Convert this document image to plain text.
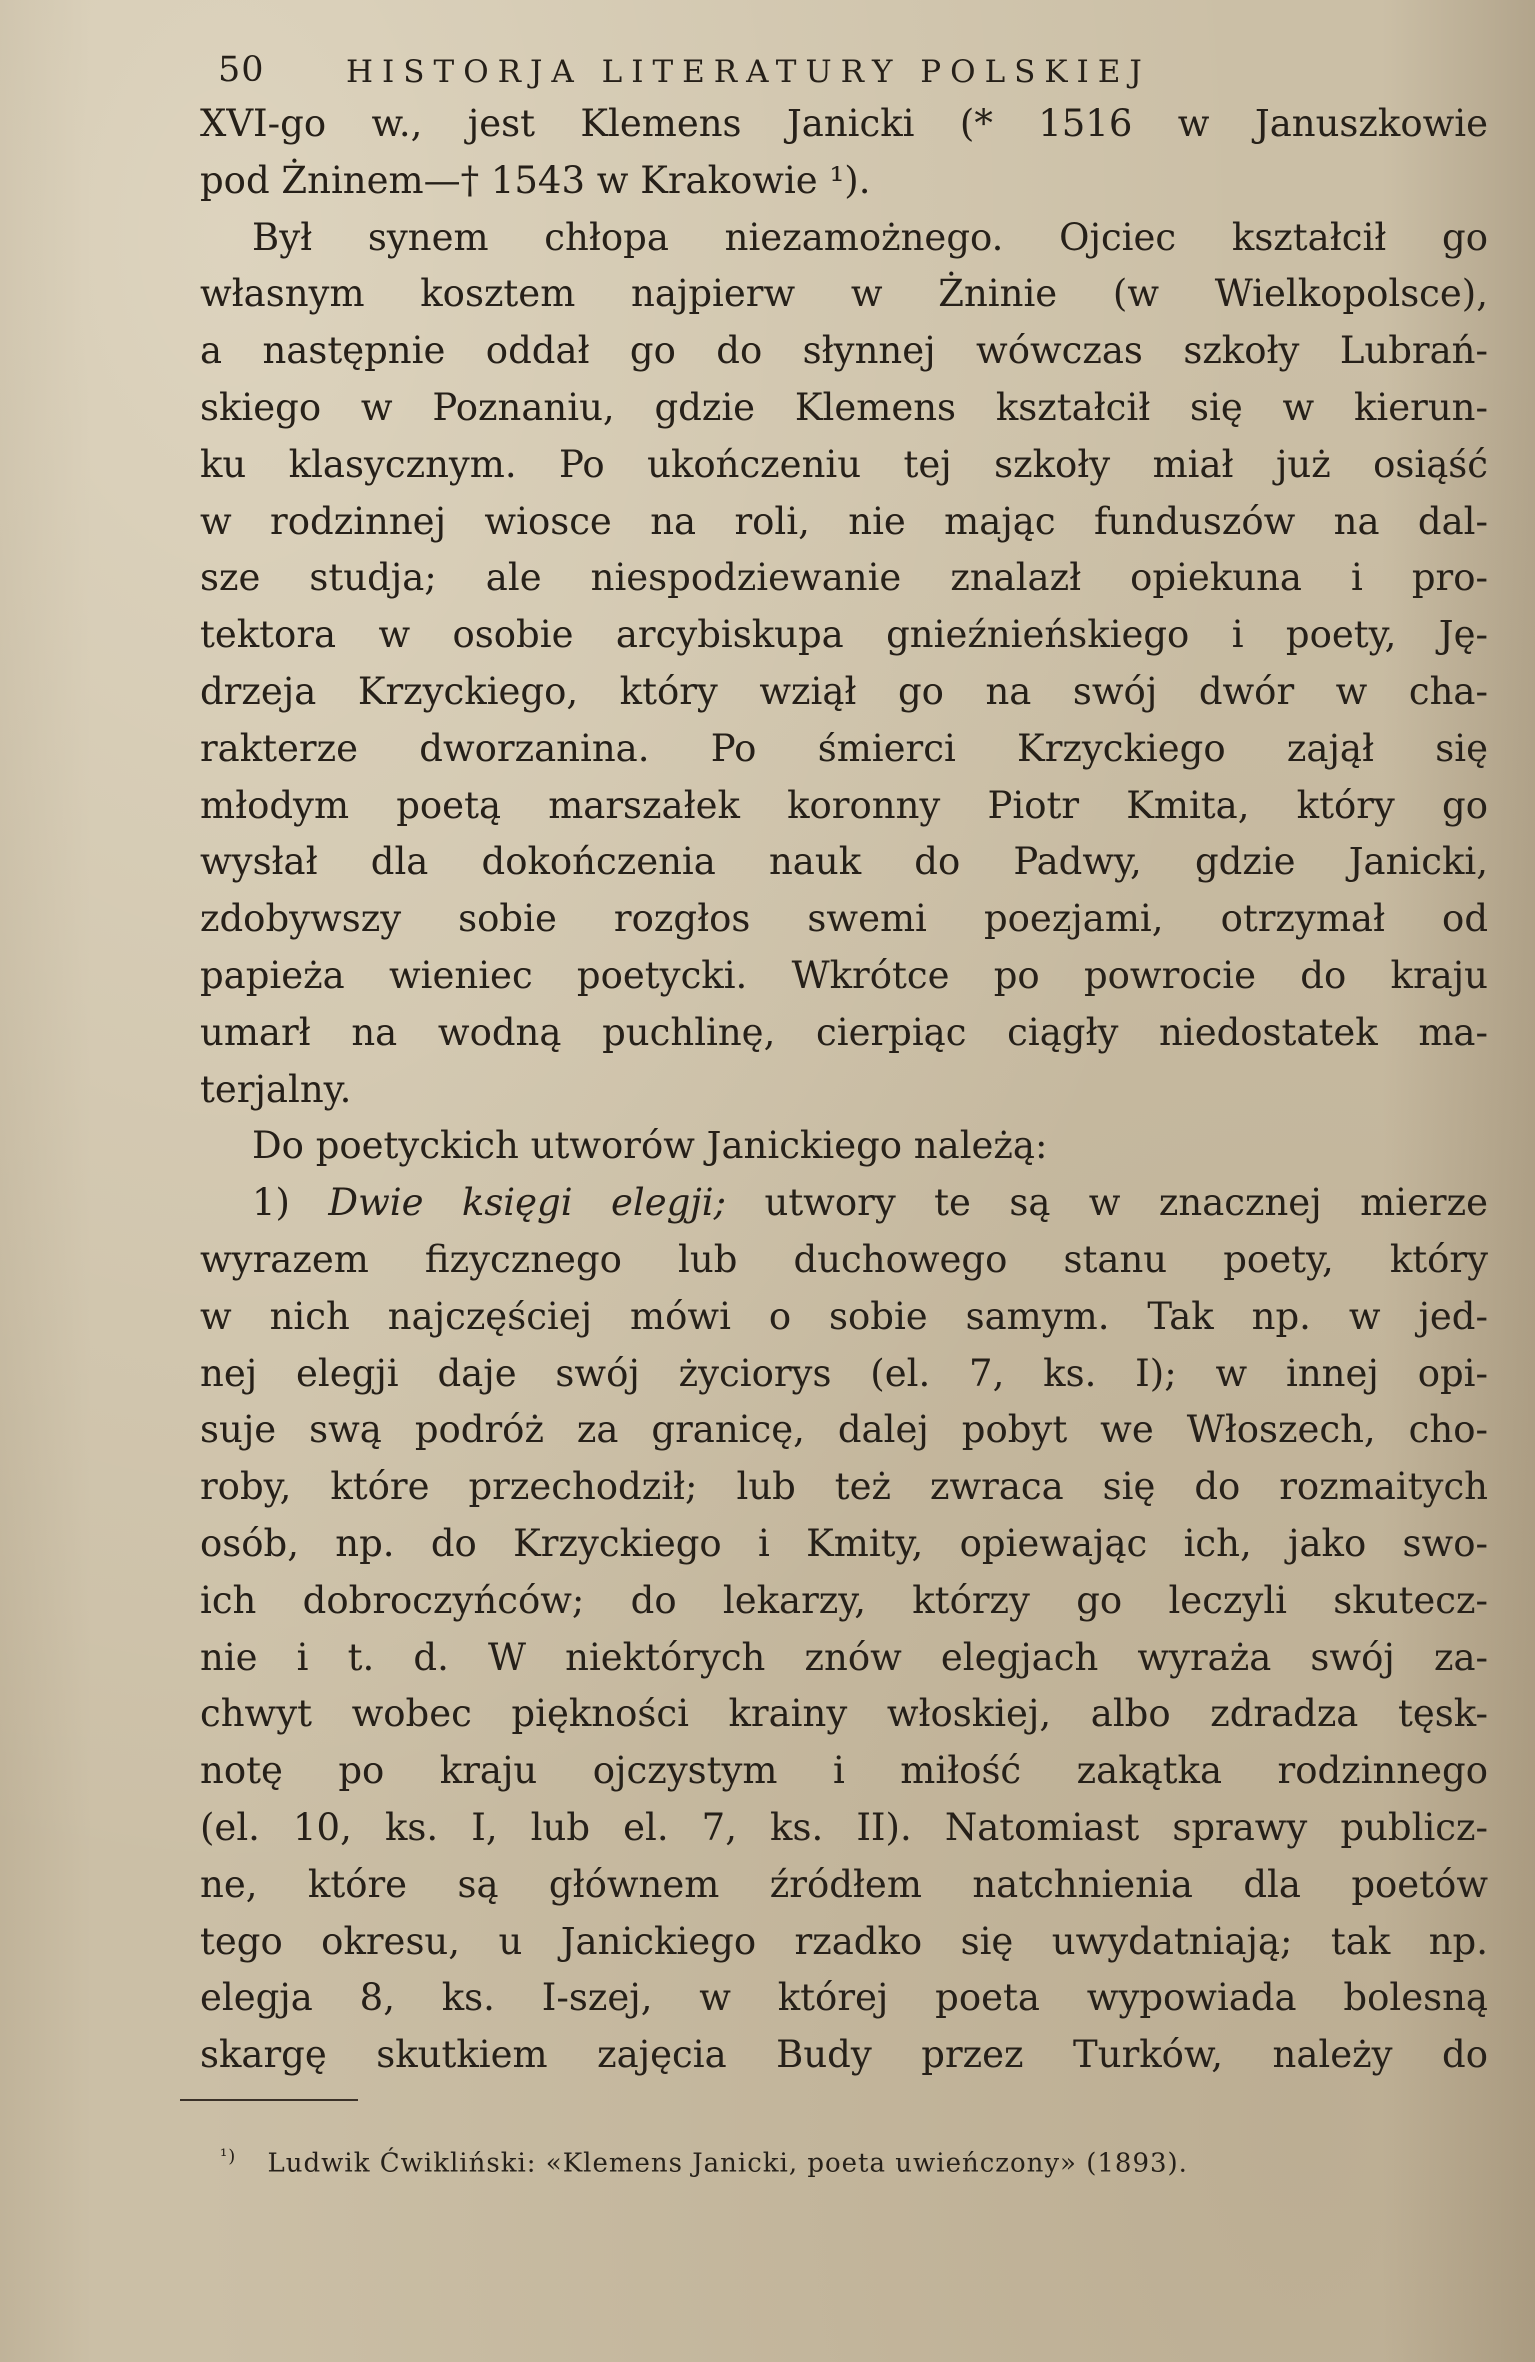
50	HISTORJA LITERATURY POLSKIEJ
XVI-go w., jest Klemens Janicki (* 1516 w Januszkowie
pod Żninem—† 1543 w Krakowie ¹).
Był synem chłopa niezamożnego. Ojciec kształcił go
własnym kosztem najpierw w Żninie (w Wielkopolsce),
a następnie oddał go do słynnej wówczas szkoły Lubrań-
skiego w Poznaniu, gdzie Klemens kształcił się w kierun-
ku klasycznym. Po ukończeniu tej szkoły miał już osiąść
w rodzinnej wiosce na roli, nie mając funduszów na dal-
sze studja; ale niespodziewanie znalazł opiekuna i pro-
tektora w osobie arcybiskupa gnieźnieńskiego i poety, Ję-
drzeja Krzyckiego, który wziął go na swój dwór w cha-
rakterze dworzanina. Po śmierci Krzyckiego zajął się
młodym poetą marszałek koronny Piotr Kmita, który go
wysłał dla dokończenia nauk do Padwy, gdzie Janicki,
zdobywszy sobie rozgłos swemi poezjami, otrzymał od
papieża wieniec poetycki. Wkrótce po powrocie do kraju
umarł na wodną puchlinę, cierpiąc ciągły niedostatek ma-
terjalny.
Do poetyckich utworów Janickiego należą:
1) Dwie księgi elegji; utwory te są w znacznej mierze
wyrazem fizycznego lub duchowego stanu poety, który
w nich najczęściej mówi o sobie samym. Tak np. w jed-
nej elegji daje swój życiorys (el. 7, ks. I); w innej opi-
suje swą podróż za granicę, dalej pobyt we Włoszech, cho-
roby, które przechodził; lub też zwraca się do rozmaitych
osób, np. do Krzyckiego i Kmity, opiewając ich, jako swo-
ich dobroczyńców; do lekarzy, którzy go leczyli skutecz-
nie i t. d. W niektórych znów elegjach wyraża swój za-
chwyt wobec piękności krainy włoskiej, albo zdradza tęsk-
notę po kraju ojczystym i miłość zakątka rodzinnego
(el. 10, ks. I, lub el. 7, ks. II). Natomiast sprawy publicz-
ne, które są głównem źródłem natchnienia dla poetów
tego okresu, u Janickiego rzadko się uwydatniają; tak np.
elegja 8, ks. I-szej, w której poeta wypowiada bolesną
skargę skutkiem zajęcia Budy przez Turków, należy do
$^{^1)}$ Ludwik Ćwikliński: «Klemens Janicki, poeta uwieńczony» (1893).
